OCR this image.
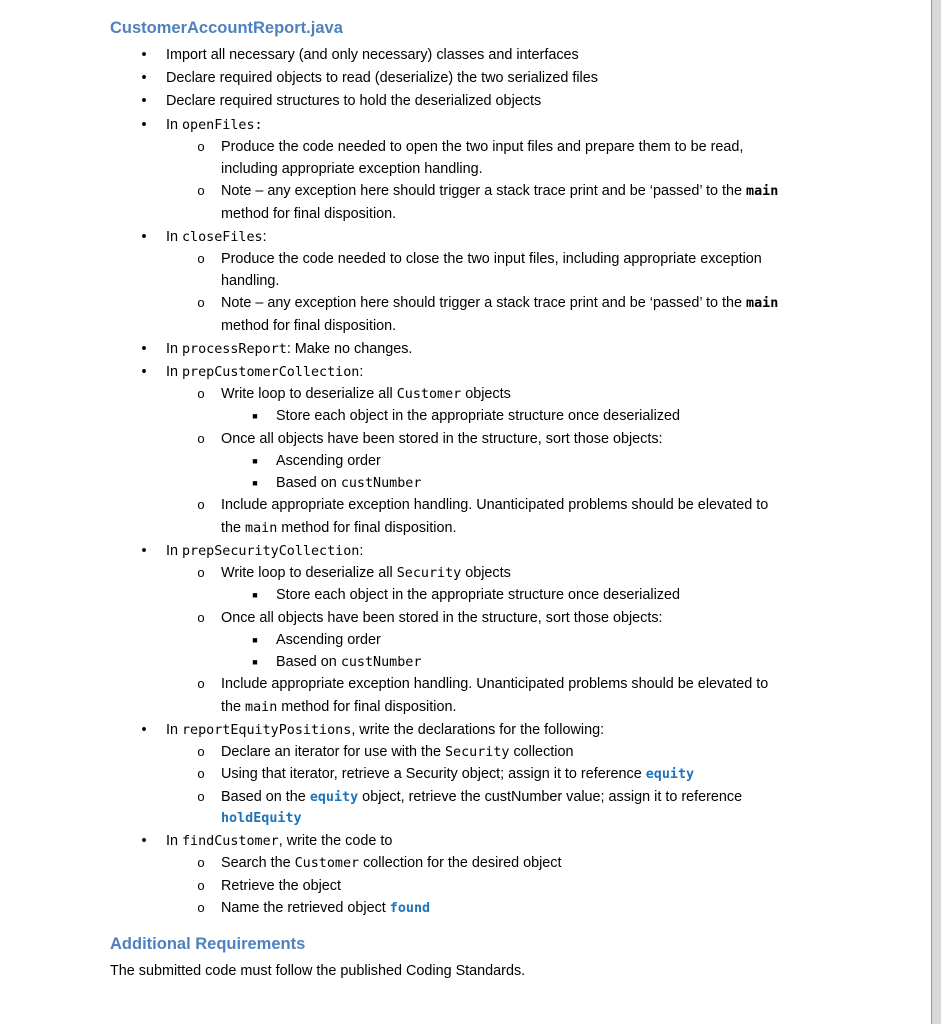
CustomerAccountReport.java
• Import all necessary (and only necessary) classes and interfaces
• Declare required objects to read (deserialize) the two serialized files
• Declare required structures to hold the deserialized objects
• In openFiles:
o Produce the code needed to open the two input files and prepare them to be read,
including appropriate exception handling.
o Note – any exception here should trigger a stack trace print and be ‘passed’ to the main
method for final disposition.
• In closeFiles:
o Produce the code needed to close the two input files, including appropriate exception
handling.
o Note – any exception here should trigger a stack trace print and be ‘passed’ to the main
method for final disposition.
• In processReport: Make no changes.
• In prepCustomerCollection:
o Write loop to deserialize all Customer objects
■ Store each object in the appropriate structure once deserialized
o Once all objects have been stored in the structure, sort those objects:
■ Ascending order
■ Based on custNumber
o Include appropriate exception handling. Unanticipated problems should be elevated to
the main method for final disposition.
• In prepSecurityCollection:
o Write loop to deserialize all Security objects
■ Store each object in the appropriate structure once deserialized
o Once all objects have been stored in the structure, sort those objects:
■ Ascending order
■ Based on custNumber
o Include appropriate exception handling. Unanticipated problems should be elevated to
the main method for final disposition.
• In reportEquityPositions, write the declarations for the following:
o Declare an iterator for use with the Security collection
o Using that iterator, retrieve a Security object; assign it to reference equity
o Based on the equity object, retrieve the custNumber value; assign it to reference
holdEquity
• In findCustomer, write the code to
o Search the Customer collection for the desired object
o Retrieve the object
o Name the retrieved object found
Additional Requirements
The submitted code must follow the published Coding Standards.
